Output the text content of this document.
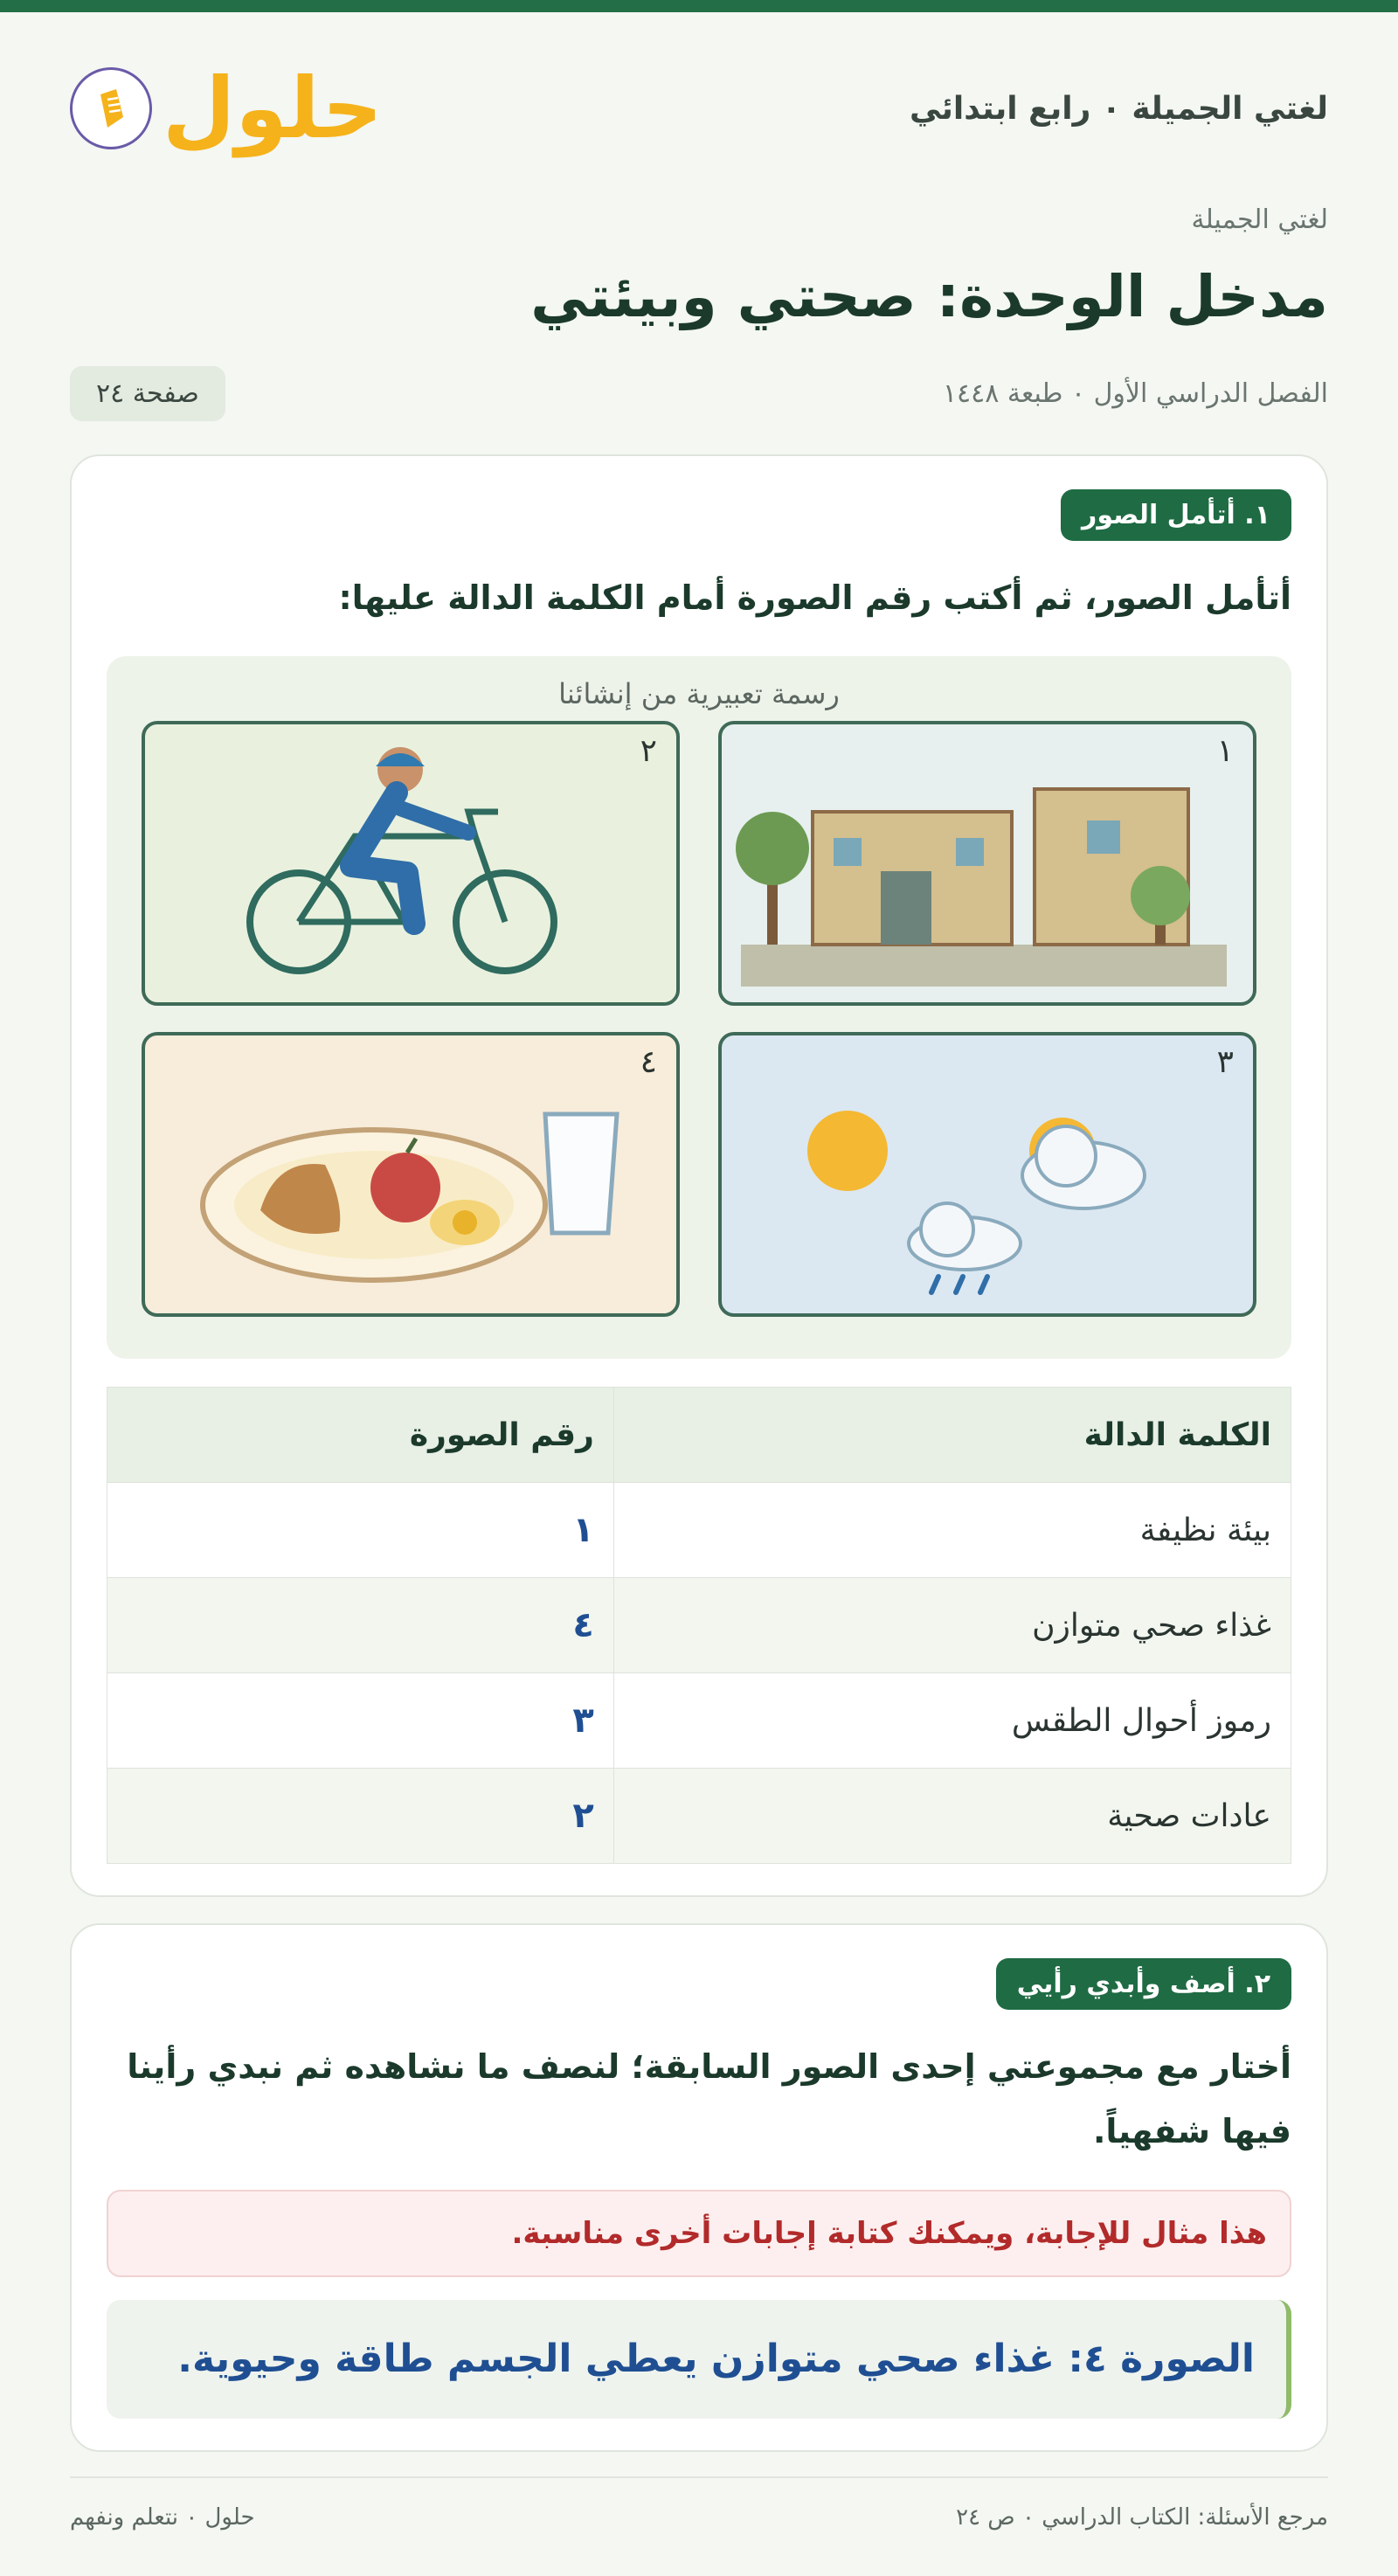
لغتي الجميلة ٠ رابع ابتدائي
حلول
لغتي الجميلة
مدخل الوحدة: صحتي وبيئتي
الفصل الدراسي الأول ٠ طبعة ١٤٤٨
صفحة ٢٤
١. أتأمل الصور
أتأمل الصور، ثم أكتب رقم الصورة أمام الكلمة الدالة عليها:
رسمة تعبيرية من إنشائنا
١
٢
٣
٤
الكلمة الدالة	رقم الصورة
بيئة نظيفة	١
غذاء صحي متوازن	٤
رموز أحوال الطقس	٣
عادات صحية	٢
٢. أصف وأبدي رأيي
أختار مع مجموعتي إحدى الصور السابقة؛ لنصف ما نشاهده ثم نبدي رأينا فيها شفهياً.
هذا مثال للإجابة، ويمكنك كتابة إجابات أخرى مناسبة.
الصورة ٤: غذاء صحي متوازن يعطي الجسم طاقة وحيوية.
مرجع الأسئلة: الكتاب الدراسي ٠ ص ٢٤
حلول ٠ نتعلم ونفهم
